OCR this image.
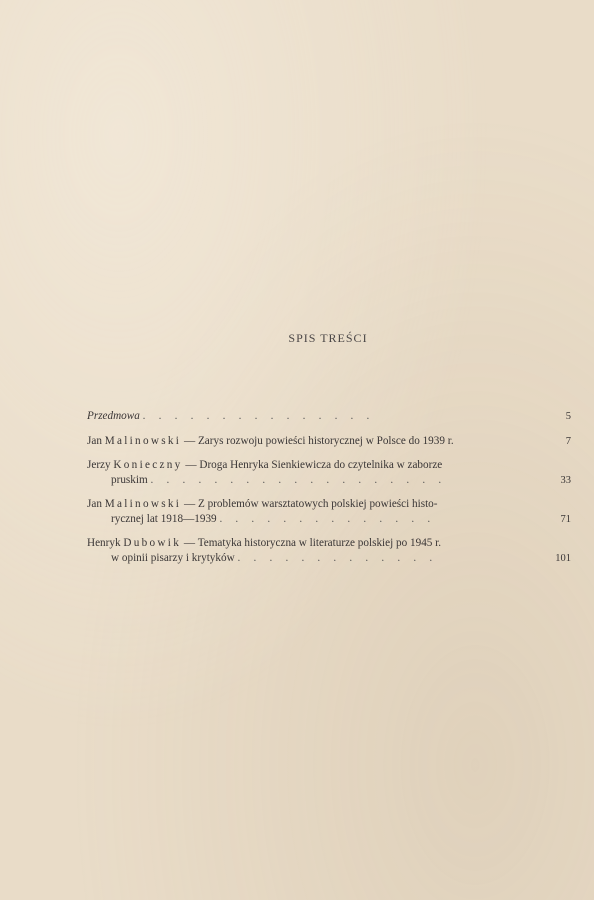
SPIS TREŚCI
Przedmowa . . . . . . . . . . . . . . .	5
Jan Malinowski — Zarys rozwoju powieści historycznej w Polsce do 1939 r.	7
Jerzy Konieczny — Droga Henryka Sienkiewicza do czytelnika w zaborze
pruskim . . . . . . . . . . . . . . . . . . .	33
Jan Malinowski — Z problemów warsztatowych polskiej powieści histo-
rycznej lat 1918—1939 . . . . . . . . . . . . . .	71
Henryk Dubowik — Tematyka historyczna w literaturze polskiej po 1945 r.
w opinii pisarzy i krytyków . . . . . . . . . . . . .	101
